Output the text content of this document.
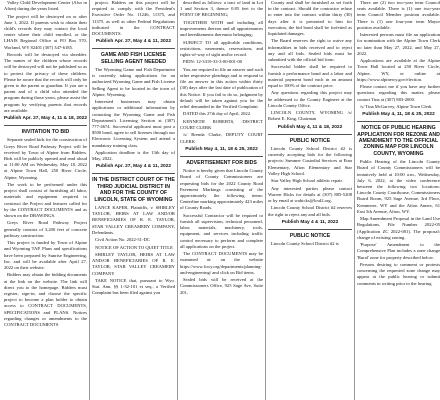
Valley Child Development Center (Also in Afton) during the years listed.
The project will be destroyed on or after June 1, 2022. If parents wish to obtain their child's records they may contact the local center where their child enrolled, or the LHAIS Regional Office at PO Box 570, Worland, WY 82401 (307) 347-6185.
Records will be destroyed via shredder. The names of the children whose records will be destroyed will not be published so as to protect the privacy of these children. Please be aware that the records will only be given to the parent or guardian. If you are a parent and of a child who attended the program during those years, please assist the program by verifying parents that records are available.
Publish Apr. 27, May 4, 11 & 18, 2022
INVITATION TO BID
Separate sealed bids for the construction of Greys River Road Pathway Project will be received by Town of Alpine from Bidders. Bids will be publicly opened and read aloud at 11:00 AM on Wednesday, May 18, 2022 at Alpine Town Hall, 250 River Circle, Alpine, Wyoming.
The work to be performed under this project shall consist of furnishing all labor, materials and equipment required to construct the Project and features called for by the CONTRACT DOCUMENTS and as shown on the DRAWINGS.
Greys River Road Pathway Project generally consists of 3,200 feet of concrete pathway construction.
This project is funded by Town of Alpine and Wyoming TAP. Plans and specifications have been prepared by Sunrise Engineering, Inc. and will be available after April 27, 2022 on their website.
Bidders may obtain the bidding documents at the link on the website. The link will direct you to the homepage. Bidders must register, sign-in, and choose the specific project to become a plan holder to obtain access to CONTRACT DOCUMENTS, SPECIFICATIONS and PLANS. Notices regarding changes or amendments to the CONTRACT DOCUMENTS
project. Bidders on this project will be required to comply with the President's Executive Order No. 11246, 11375, and 11375, as well as other Federal Regulations indicated in the CONTRACT DOCUMENTS.
Publish Apr. 27, May 4 & 11, 2022
GAME AND FISH LICENSE SELLING AGENT NEEDED
The Wyoming Game and Fish Department is currently taking applications for an authorized Wyoming Game and Fish License Selling Agent to be located in the town of Alpine, Wyoming.
Interested businesses may obtain applications or additional information by contacting the Wyoming Game and Fish Department's Licensing Section at (307) 777-4674. Successful applicant must post a $500 bond, agree to sell licenses through our Electronic Licensing System and attend a mandatory training class.
Application deadline is the 13th day of May, 2022.
Publish Apr. 27, May 4 & 11, 2022
IN THE DISTRICT COURT OF THE THIRD JUDICIAL DISTRICT IN AND FOR THE COUNTY OF LINCOLN, STATE OF WYOMING
LANCE KAPER, Plaintiffs, v. SHIRLEY TAYLOR, HEIRS AT LAW AND/OR BENEFICIARIES OF R. E. TAYLOR, STAR VALLEY CREAMERY COMPANY, Defendants.
Civil Action No. 2022-51-DC
NOTICE OF ACTION TO QUIET TITLE
SHIRLEY TAYLOR, HEIRS AT LAW AND/OR BENEFICIARIES OF R. E. TAYLOR, STAR VALLEY CREAMERY COMPANY
TAKE NOTICE that, pursuant to Wyo. Stat. Ann. §§ 1-32-101 et seq., a Verified Complaint has been filed against you
described as follows: a tract of land in Lot 1 and Section 3, thence 0.85 feet to the POINT OF BEGINNING;
TOGETHER WITH and including all improvements thereon and all appurtenances and hereditaments thereunto belonging;
SUBJECT TO all applicable conditions, restrictions, easements, reservations, and rights-of-way of sight and/or record.
PIDN: 12-3319-33-3-00-001-00
You are required to file an answer and such other responsive pleadings and to respond to file an answer in this action within thirty (30) days after the last date of publication of this Notice. If you fail to do so, judgment by default will be taken against you for the relief demanded in the Verified Complaint.
DATED this 27th day of April, 2022.
KENNETH ROBERTS, DISTRICT COURT CLERK
/s/ Brenda Clarke, DEPUTY COURT CLERK
Publish May 4, 11, 18 & 25, 2022
ADVERTISEMENT FOR BIDS
Notice is hereby given that Lincoln County Board of County Commissioners are requesting bids for the 2022 County Road Pavement Markings consisting of the approximately the following items: Centerline marking approximately 423 miles of County Roads.
Successful Contractor will be required to furnish all supervision, technical personnel, labor, materials, machinery, tools, equipment, and services including traffic control necessary to perform and complete all applications on the project.
The CONTRACT DOCUMENTS may be examined at: on the website https://www.lcwy.org/departments/planning-and-engineering/ and click on Bid items.
Sealed bids will be received at the Commissioners Office, 925 Sage Ave, Suite 201,
County and shall be furnished as set forth in the contract. Should the contractor refuse to enter into the contract within thirty (30) days after it is presented to him for execution, the bid bond shall be forfeited as liquidated damages.
The Board reserves the right to waive any informalities in bids received and to reject any and all bids. Sealed bids must be submitted with the official bid form.
Successful bidder shall be required to furnish a performance bond and a labor and material payment bond each in an amount equal to 100% of the contract price.
Any questions regarding this project may be addressed to the County Engineer at the Lincoln County Office.
LINCOLN COUNTY, WYOMING /s/ Robert E. King, Chairman
Publish May 4, 11 & 18, 2022
PUBLIC NOTICE
Lincoln County School District #2 is currently accepting bids for the following projects: Summer Custodial Services at Etna Elementary, Afton Elementary and Star Valley High School.
Star Valley High School athletic repair.
Any interested parties please contact Warren Hicks for details at (307) 885-5208 or by email at wahicks@lcsd2.org.
Lincoln County School District #2 reserves the right to reject any and all bids.
Publish May 4 & 11, 2022
PUBLIC NOTICE
Lincoln County School District #2 is
There are (2) two two-year term Council seats available. There is (1) one two-year term Council Member position available. There is (1) one four-year term Mayor position available.
Interested persons must file an application for nomination with the Alpine Town Clerk no later than May 27, 2022, and May 27, 2022.
Applications are available at the Alpine Town Hall located at 250 River Circle, Alpine, WY, or online at https://www.alpinewy.gov/election.
Please contact me if you have any further questions regarding this matter, please contact Tina at (307) 883-2000.
/s/ Tina McGarvey, Alpine Town Clerk
Publish May 4, 11, 18 & 25, 2022
NOTICE OF PUBLIC HEARING APPLICATION FOR REZONE AND AMENDMENT TO THE OFFICIAL ZONING MAP FOR LINCOLN COUNTY, WYOMING
Public Hearing of the Lincoln County Board of County Commissioners will be tentatively held at 10:00 a.m., Wednesday, July 6, 2022, at the video conference between the following two locations: Lincoln County Courthouse, Commissioners Board Room, 925 Sage Avenue, 3rd Floor, Kemmerer, WY and the Afton Annex, 61 East 5th Avenue, Afton, WY.
Map Amendment Proposal in the Land Use Regulations, File Number 2022-05 (Application ZC 2022-001). The proposal: change of existing zoning.
'Purpose' Amendment to the Comprehensive Plan includes a zone change 'Rural' zone for property described below.
Persons desiring to comment or protests concerning the requested zone change may appear at the public hearing or submit comments in writing prior to the hearing
